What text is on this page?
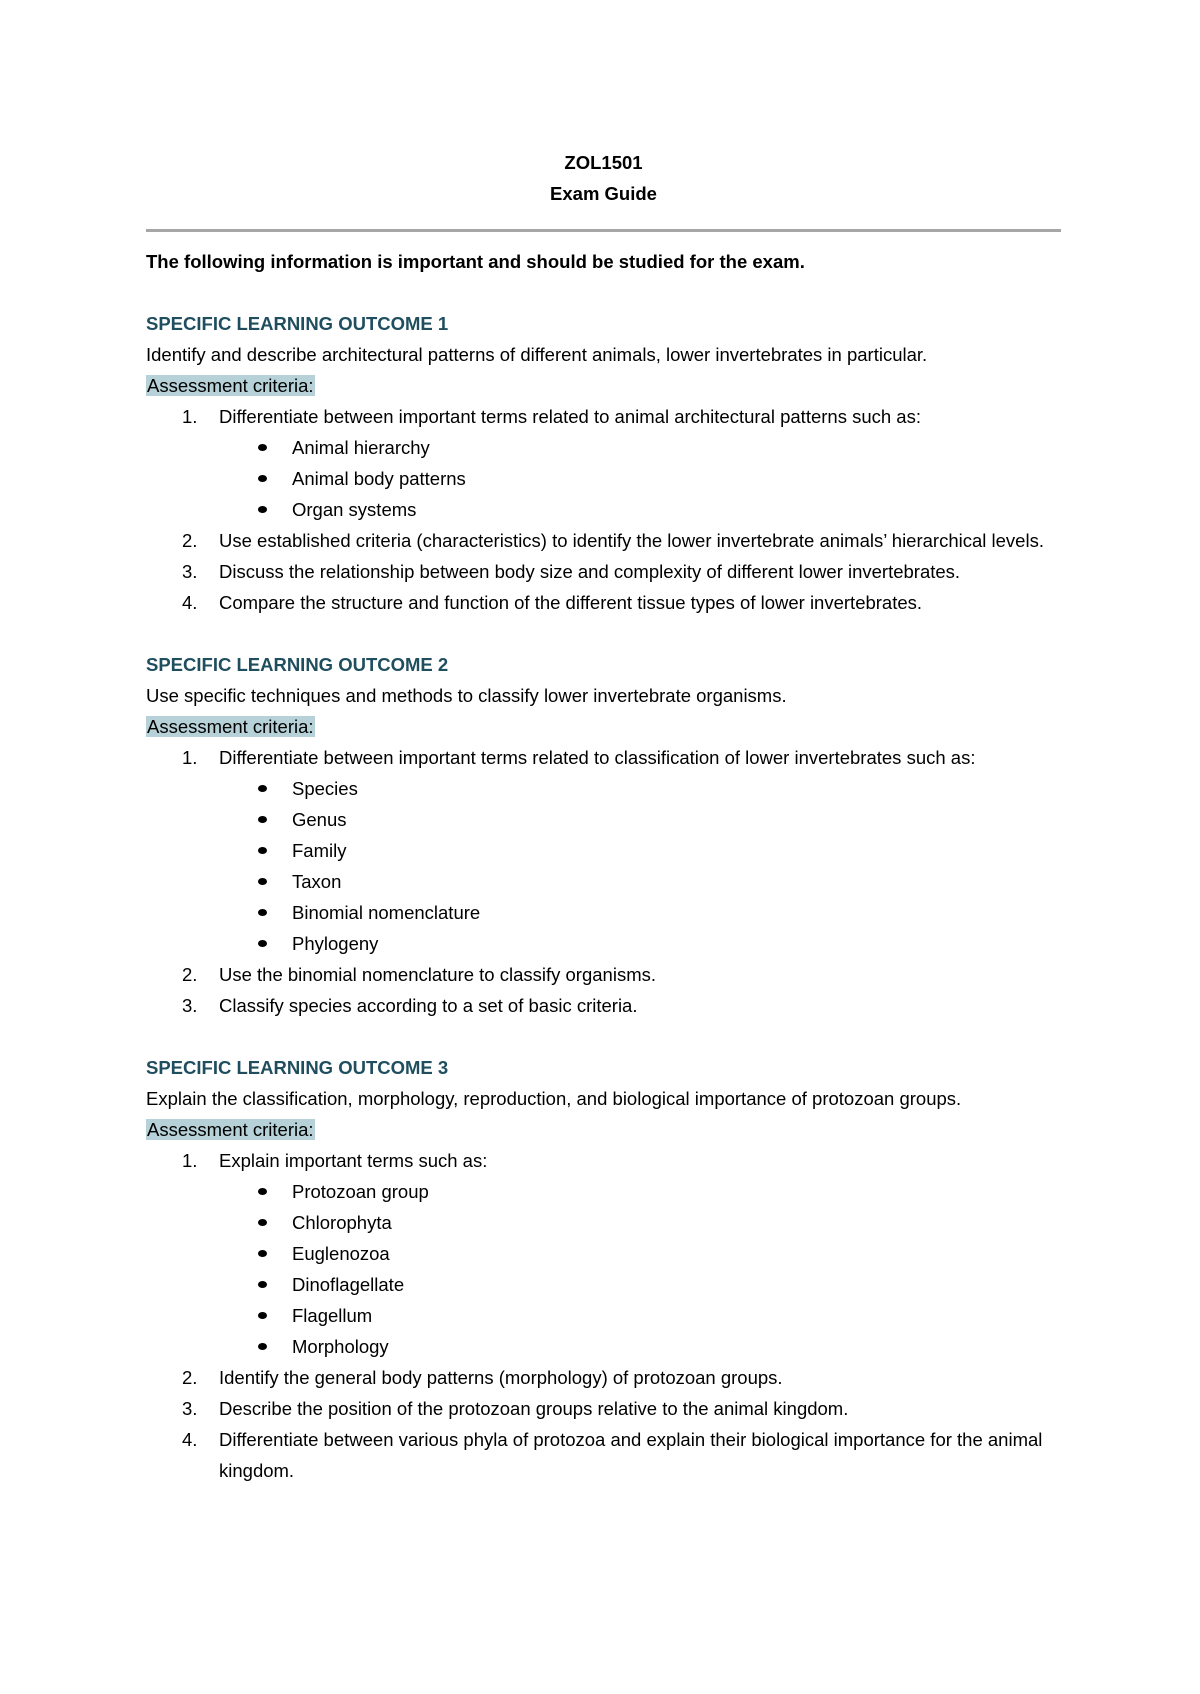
ZOL1501
Exam Guide
The following information is important and should be studied for the exam.
SPECIFIC LEARNING OUTCOME 1
Identify and describe architectural patterns of different animals, lower invertebrates in particular.
Assessment criteria:
1. Differentiate between important terms related to animal architectural patterns such as:
Animal hierarchy
Animal body patterns
Organ systems
2. Use established criteria (characteristics) to identify the lower invertebrate animals’ hierarchical levels.
3. Discuss the relationship between body size and complexity of different lower invertebrates.
4. Compare the structure and function of the different tissue types of lower invertebrates.
SPECIFIC LEARNING OUTCOME 2
Use specific techniques and methods to classify lower invertebrate organisms.
Assessment criteria:
1. Differentiate between important terms related to classification of lower invertebrates such as:
Species
Genus
Family
Taxon
Binomial nomenclature
Phylogeny
2. Use the binomial nomenclature to classify organisms.
3. Classify species according to a set of basic criteria.
SPECIFIC LEARNING OUTCOME 3
Explain the classification, morphology, reproduction, and biological importance of protozoan groups.
Assessment criteria:
1. Explain important terms such as:
Protozoan group
Chlorophyta
Euglenozoa
Dinoflagellate
Flagellum
Morphology
2. Identify the general body patterns (morphology) of protozoan groups.
3. Describe the position of the protozoan groups relative to the animal kingdom.
4. Differentiate between various phyla of protozoa and explain their biological importance for the animal kingdom.
